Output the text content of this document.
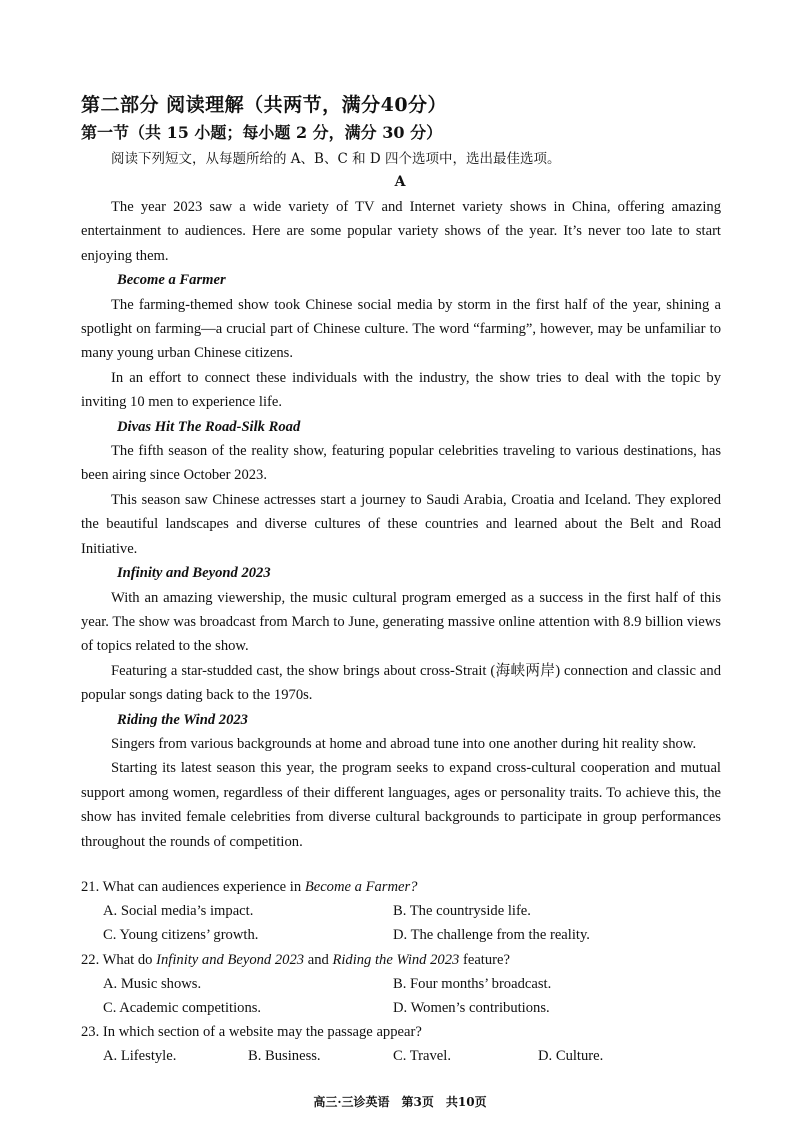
第二部分 阅读理解（共两节，满分40分）
第一节（共 15 小题；每小题 2 分，满分 30 分）
阅读下列短文，从每题所给的 A、B、C 和 D 四个选项中，选出最佳选项。
A

The year 2023 saw a wide variety of TV and Internet variety shows in China, offering amazing entertainment to audiences. Here are some popular variety shows of the year. It’s never too late to start enjoying them.

Become a Farmer

The farming-themed show took Chinese social media by storm in the first half of the year, shining a spotlight on farming—a crucial part of Chinese culture. The word “farming”, however, may be unfamiliar to many young urban Chinese citizens.

In an effort to connect these individuals with the industry, the show tries to deal with the topic by inviting 10 men to experience life.

Divas Hit The Road-Silk Road

The fifth season of the reality show, featuring popular celebrities traveling to various destinations, has been airing since October 2023.

This season saw Chinese actresses start a journey to Saudi Arabia, Croatia and Iceland. They explored the beautiful landscapes and diverse cultures of these countries and learned about the Belt and Road Initiative.

Infinity and Beyond 2023

With an amazing viewership, the music cultural program emerged as a success in the first half of this year. The show was broadcast from March to June, generating massive online attention with 8.9 billion views of topics related to the show.

Featuring a star-studded cast, the show brings about cross-Strait (海峡两岸) connection and classic and popular songs dating back to the 1970s.

Riding the Wind 2023

Singers from various backgrounds at home and abroad tune into one another during hit reality show.

Starting its latest season this year, the program seeks to expand cross-cultural cooperation and mutual support among women, regardless of their different languages, ages or personality traits. To achieve this, the show has invited female celebrities from diverse cultural backgrounds to participate in group performances throughout the rounds of competition.

21. What can audiences experience in Become a Farmer?
A. Social media’s impact.	B. The countryside life.
C. Young citizens’ growth.	D. The challenge from the reality.
22. What do Infinity and Beyond 2023 and Riding the Wind 2023 feature?
A. Music shows.	B. Four months’ broadcast.
C. Academic competitions.	D. Women’s contributions.
23. In which section of a website may the passage appear?
A. Lifestyle.	B. Business.	C. Travel.	D. Culture.
高三·三诊英语　第3页　共10页
